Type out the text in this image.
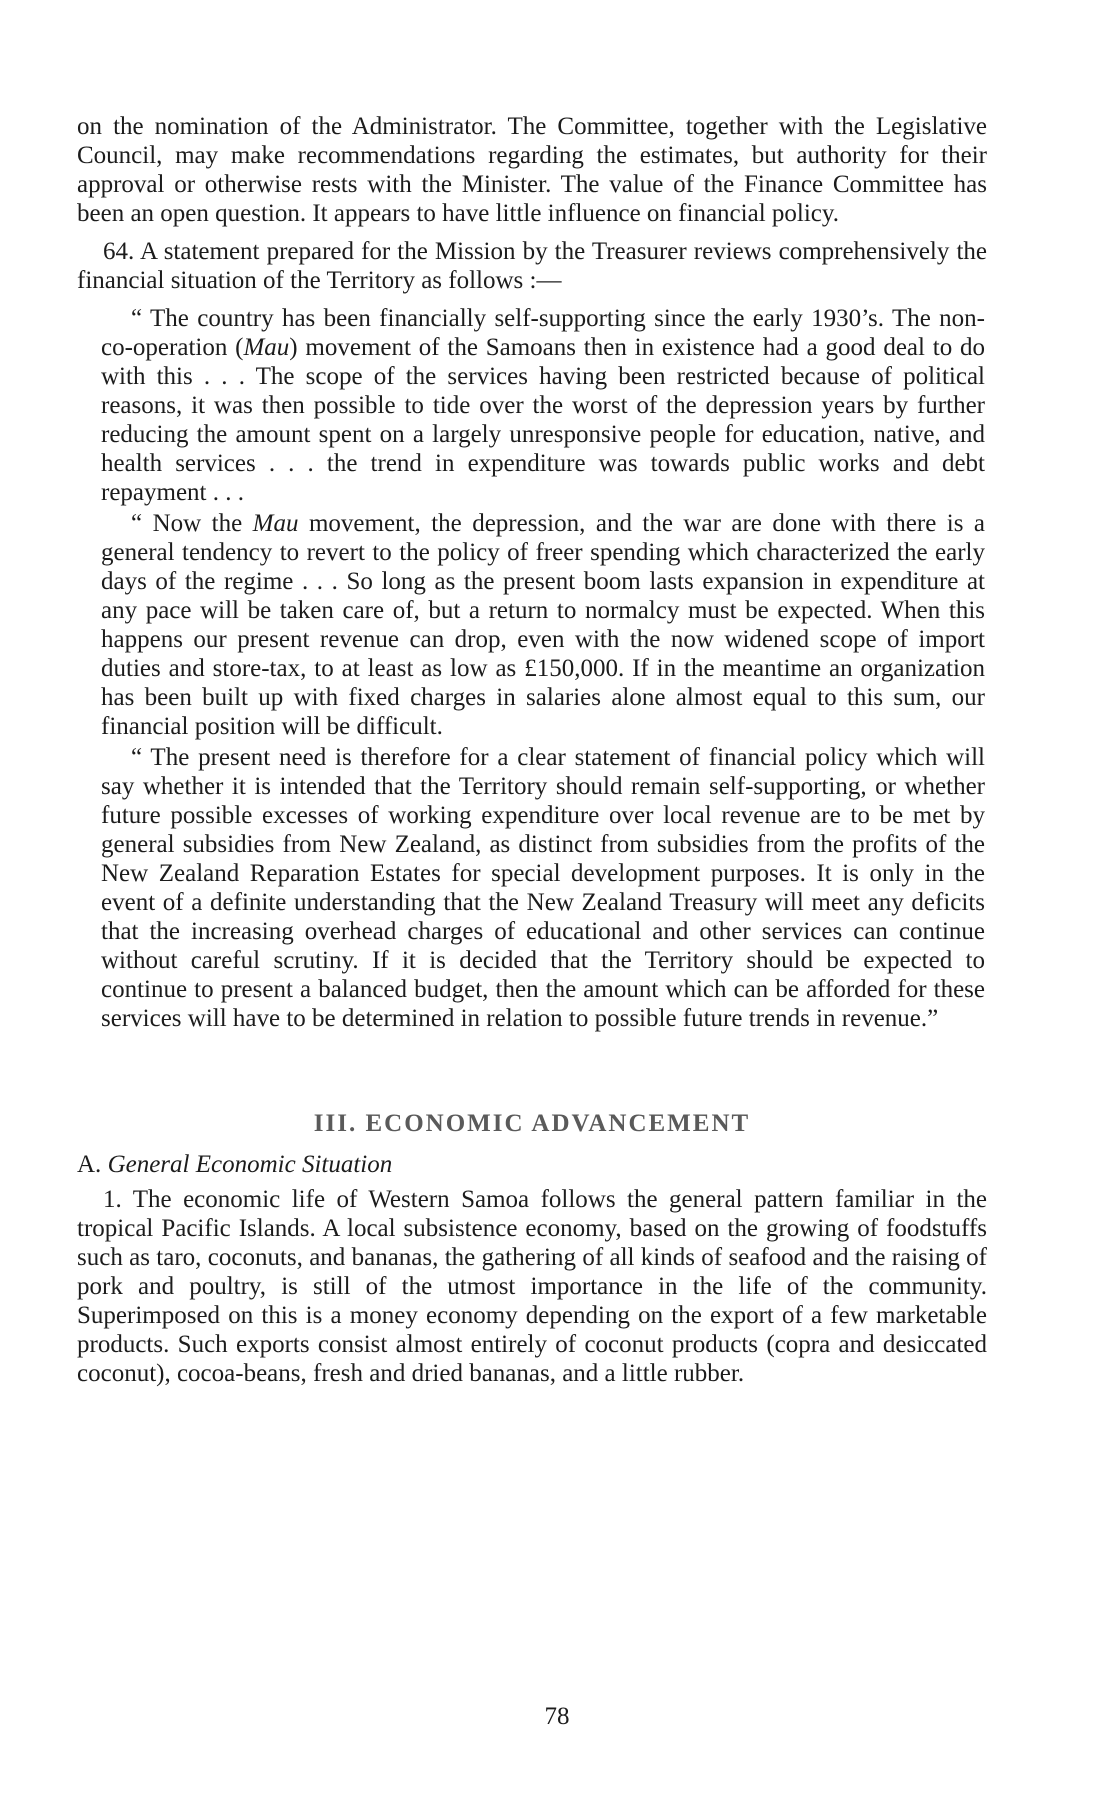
on the nomination of the Administrator. The Committee, together with the Legislative Council, may make recommendations regarding the estimates, but authority for their approval or otherwise rests with the Minister. The value of the Finance Committee has been an open question. It appears to have little influence on financial policy.

64. A statement prepared for the Mission by the Treasurer reviews comprehensively the financial situation of the Territory as follows :—

“ The country has been financially self-supporting since the early 1930’s. The non-co-operation (Mau) movement of the Samoans then in existence had a good deal to do with this . . . The scope of the services having been restricted because of political reasons, it was then possible to tide over the worst of the depression years by further reducing the amount spent on a largely unresponsive people for education, native, and health services . . . the trend in expenditure was towards public works and debt repayment . . .

“ Now the Mau movement, the depression, and the war are done with there is a general tendency to revert to the policy of freer spending which characterized the early days of the regime . . . So long as the present boom lasts expansion in expenditure at any pace will be taken care of, but a return to normalcy must be expected. When this happens our present revenue can drop, even with the now widened scope of import duties and store-tax, to at least as low as £150,000. If in the meantime an organization has been built up with fixed charges in salaries alone almost equal to this sum, our financial position will be difficult.

“ The present need is therefore for a clear statement of financial policy which will say whether it is intended that the Territory should remain self-supporting, or whether future possible excesses of working expenditure over local revenue are to be met by general subsidies from New Zealand, as distinct from subsidies from the profits of the New Zealand Reparation Estates for special development purposes. It is only in the event of a definite understanding that the New Zealand Treasury will meet any deficits that the increasing overhead charges of educational and other services can continue without careful scrutiny. If it is decided that the Territory should be expected to continue to present a balanced budget, then the amount which can be afforded for these services will have to be determined in relation to possible future trends in revenue.”

III. ECONOMIC ADVANCEMENT
A. General Economic Situation

1. The economic life of Western Samoa follows the general pattern familiar in the tropical Pacific Islands. A local subsistence economy, based on the growing of foodstuffs such as taro, coconuts, and bananas, the gathering of all kinds of seafood and the raising of pork and poultry, is still of the utmost importance in the life of the community. Superimposed on this is a money economy depending on the export of a few marketable products. Such exports consist almost entirely of coconut products (copra and desiccated coconut), cocoa-beans, fresh and dried bananas, and a little rubber.

78
